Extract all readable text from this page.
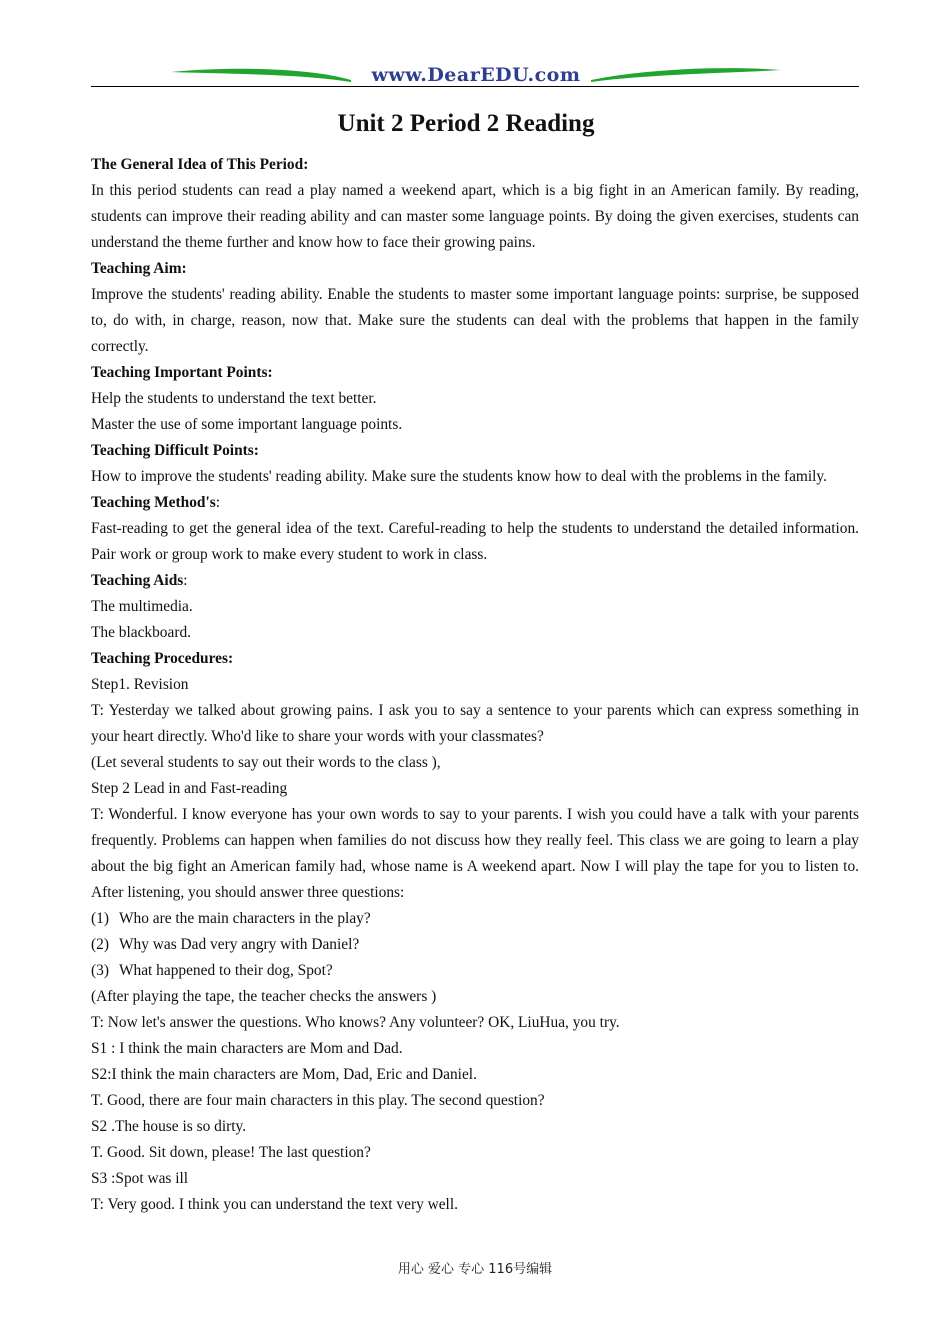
www.DearEDU.com
Unit 2 Period 2 Reading

The General Idea of This Period:

In this period students can read a play named a weekend apart, which is a big fight in an American family. By reading, students can improve their reading ability and can master some language points. By doing the given exercises, students can understand the theme further and know how to face their growing pains.

Teaching Aim:

Improve the students' reading ability. Enable the students to master some important language points: surprise, be supposed to, do with, in charge, reason, now that. Make sure the students can deal with the problems that happen in the family correctly.

Teaching Important Points:

Help the students to understand the text better.

Master the use of some important language points.

Teaching Difficult Points:

How to improve the students' reading ability. Make sure the students know how to deal with the problems in the family.

Teaching Method's:

Fast-reading to get the general idea of the text. Careful-reading to help the students to understand the detailed information. Pair work or group work to make every student to work in class.

Teaching Aids:

The multimedia.

The blackboard.

Teaching Procedures:

Step1. Revision

T: Yesterday we talked about growing pains. I ask you to say a sentence to your parents which can express something in your heart directly. Who'd like to share your words with your classmates?

(Let several students to say out their words to the class ),

Step 2 Lead in and Fast-reading

T: Wonderful. I know everyone has your own words to say to your parents. I wish you could have a talk with your parents frequently. Problems can happen when families do not discuss how they really feel. This class we are going to learn a play about the big fight an American family had, whose name is A weekend apart. Now I will play the tape for you to listen to. After listening, you should answer three questions:

(1) Who are the main characters in the play?
(2) Why was Dad very angry with Daniel?
(3) What happened to their dog, Spot?

(After playing the tape, the teacher checks the answers )

T: Now let's answer the questions. Who knows? Any volunteer? OK, LiuHua, you try.

S1 : I think the main characters are Mom and Dad.

S2:I think the main characters are Mom, Dad, Eric and Daniel.

T. Good, there are four main characters in this play. The second question?

S2 .The house is so dirty.

T. Good. Sit down, please! The last question?

S3 :Spot was ill

T: Very good. I think you can understand the text very well.

用心 爱心 专心 116号编辑
